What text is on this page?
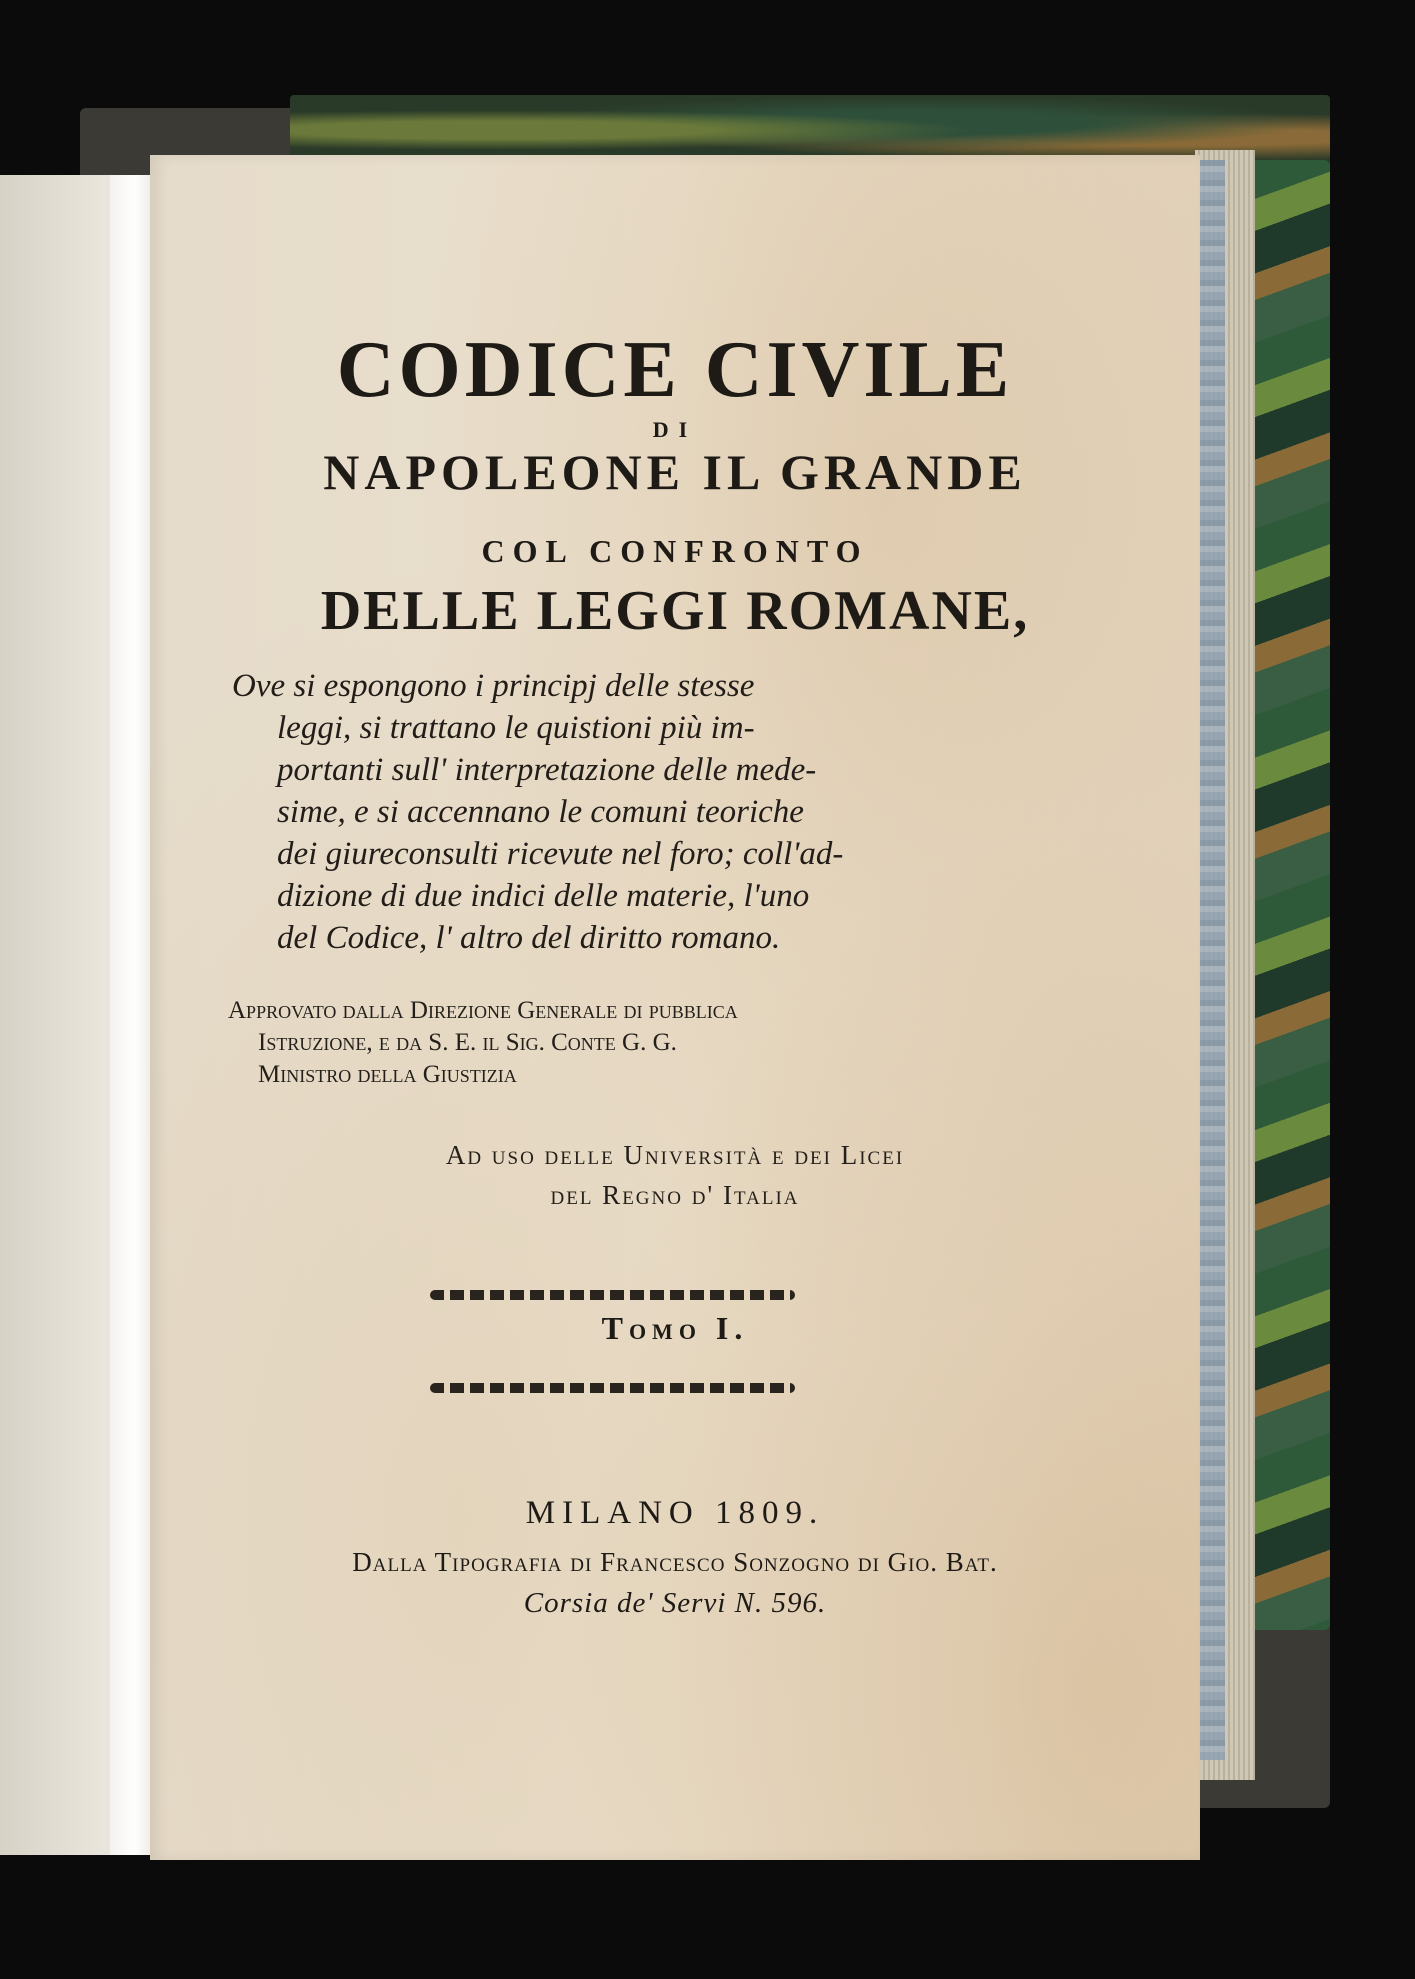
CODICE CIVILE
DI
NAPOLEONE IL GRANDE
COL CONFRONTO
DELLE LEGGI ROMANE,
Ove si espongono i principj delle stesse
leggi, si trattano le quistioni più im-
portanti sull' interpretazione delle mede-
sime, e si accennano le comuni teoriche
dei giureconsulti ricevute nel foro; coll'ad-
dizione di due indici delle materie, l'uno
del Codice, l' altro del diritto romano.
Approvato dalla Direzione Generale di pubblica
Istruzione, e da S. E. il Sig. Conte G. G.
Ministro della Giustizia
Ad uso delle Università e dei Licei
del Regno d' Italia
Tomo I.
MILANO 1809.
Dalla Tipografia di Francesco Sonzogno di Gio. Bat.
Corsia de' Servi N. 596.
